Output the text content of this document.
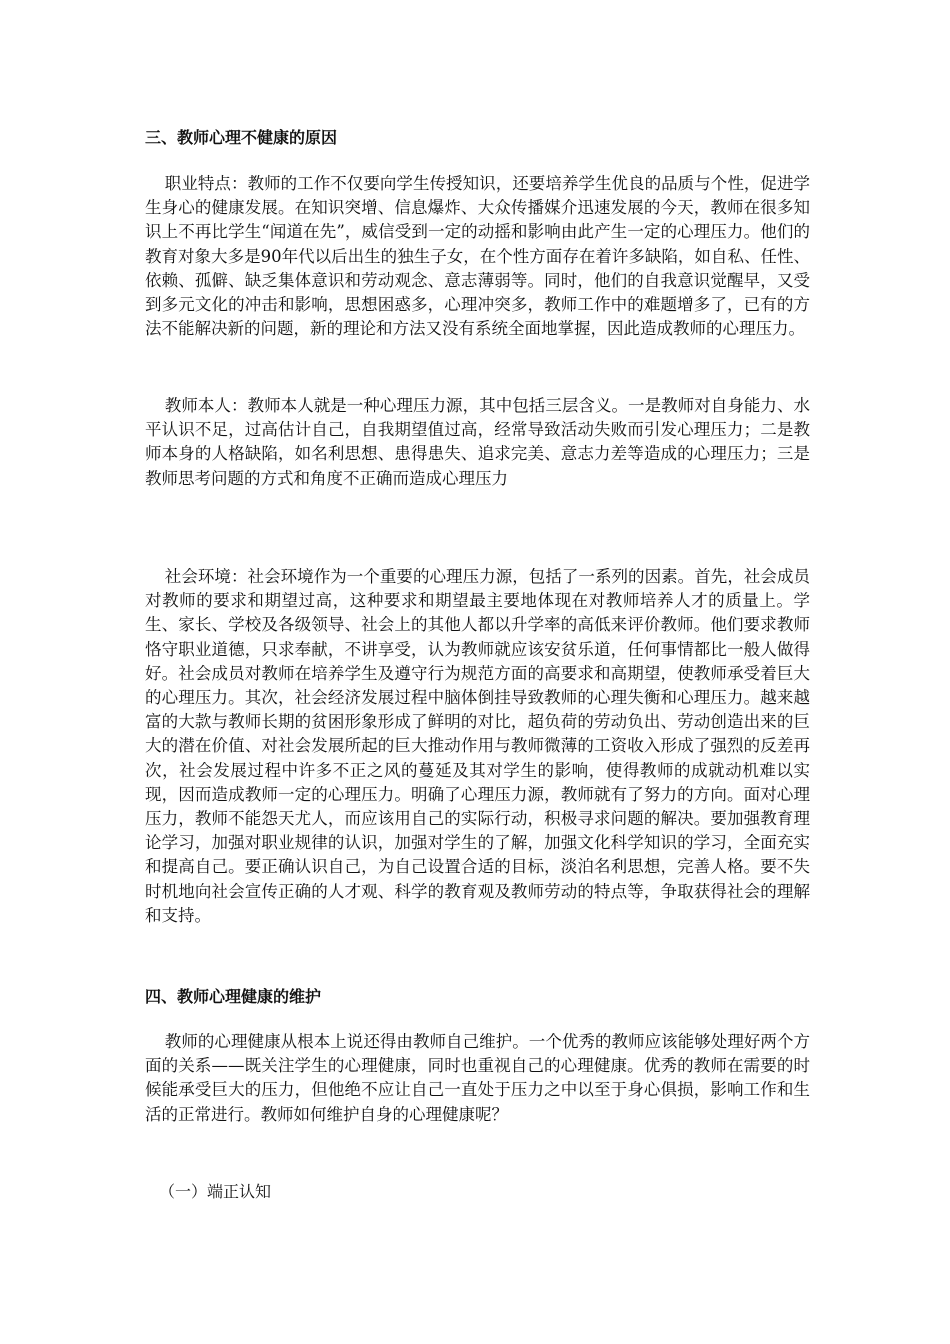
三、教师心理不健康的原因
职业特点：教师的工作不仅要向学生传授知识，还要培养学生优良的品质与个性，促进学生身心的健康发展。在知识突增、信息爆炸、大众传播媒介迅速发展的今天，教师在很多知识上不再比学生“闻道在先”，威信受到一定的动摇和影响由此产生一定的心理压力。他们的教育对象大多是90年代以后出生的独生子女，在个性方面存在着许多缺陷，如自私、任性、依赖、孤僻、缺乏集体意识和劳动观念、意志薄弱等。同时，他们的自我意识觉醒早，又受到多元文化的冲击和影响，思想困惑多，心理冲突多，教师工作中的难题增多了，已有的方法不能解决新的问题，新的理论和方法又没有系统全面地掌握，因此造成教师的心理压力。
教师本人：教师本人就是一种心理压力源，其中包括三层含义。一是教师对自身能力、水平认识不足，过高估计自己，自我期望值过高，经常导致活动失败而引发心理压力；二是教师本身的人格缺陷，如名利思想、患得患失、追求完美、意志力差等造成的心理压力；三是教师思考问题的方式和角度不正确而造成心理压力
社会环境：社会环境作为一个重要的心理压力源，包括了一系列的因素。首先，社会成员对教师的要求和期望过高，这种要求和期望最主要地体现在对教师培养人才的质量上。学生、家长、学校及各级领导、社会上的其他人都以升学率的高低来评价教师。他们要求教师恪守职业道德，只求奉献，不讲享受，认为教师就应该安贫乐道，任何事情都比一般人做得好。社会成员对教师在培养学生及遵守行为规范方面的高要求和高期望，使教师承受着巨大的心理压力。其次，社会经济发展过程中脑体倒挂导致教师的心理失衡和心理压力。越来越富的大款与教师长期的贫困形象形成了鲜明的对比，超负荷的劳动负出、劳动创造出来的巨大的潜在价值、对社会发展所起的巨大推动作用与教师微薄的工资收入形成了强烈的反差再次，社会发展过程中许多不正之风的蔓延及其对学生的影响，使得教师的成就动机难以实现，因而造成教师一定的心理压力。明确了心理压力源，教师就有了努力的方向。面对心理压力，教师不能怨天尤人，而应该用自己的实际行动，积极寻求问题的解决。要加强教育理论学习，加强对职业规律的认识，加强对学生的了解，加强文化科学知识的学习，全面充实和提高自己。要正确认识自己，为自己设置合适的目标，淡泊名利思想，完善人格。要不失时机地向社会宣传正确的人才观、科学的教育观及教师劳动的特点等，争取获得社会的理解和支持。
四、教师心理健康的维护
教师的心理健康从根本上说还得由教师自己维护。一个优秀的教师应该能够处理好两个方面的关系——既关注学生的心理健康，同时也重视自己的心理健康。优秀的教师在需要的时候能承受巨大的压力，但他绝不应让自己一直处于压力之中以至于身心俱损，影响工作和生活的正常进行。教师如何维护自身的心理健康呢？
（一）端正认知
